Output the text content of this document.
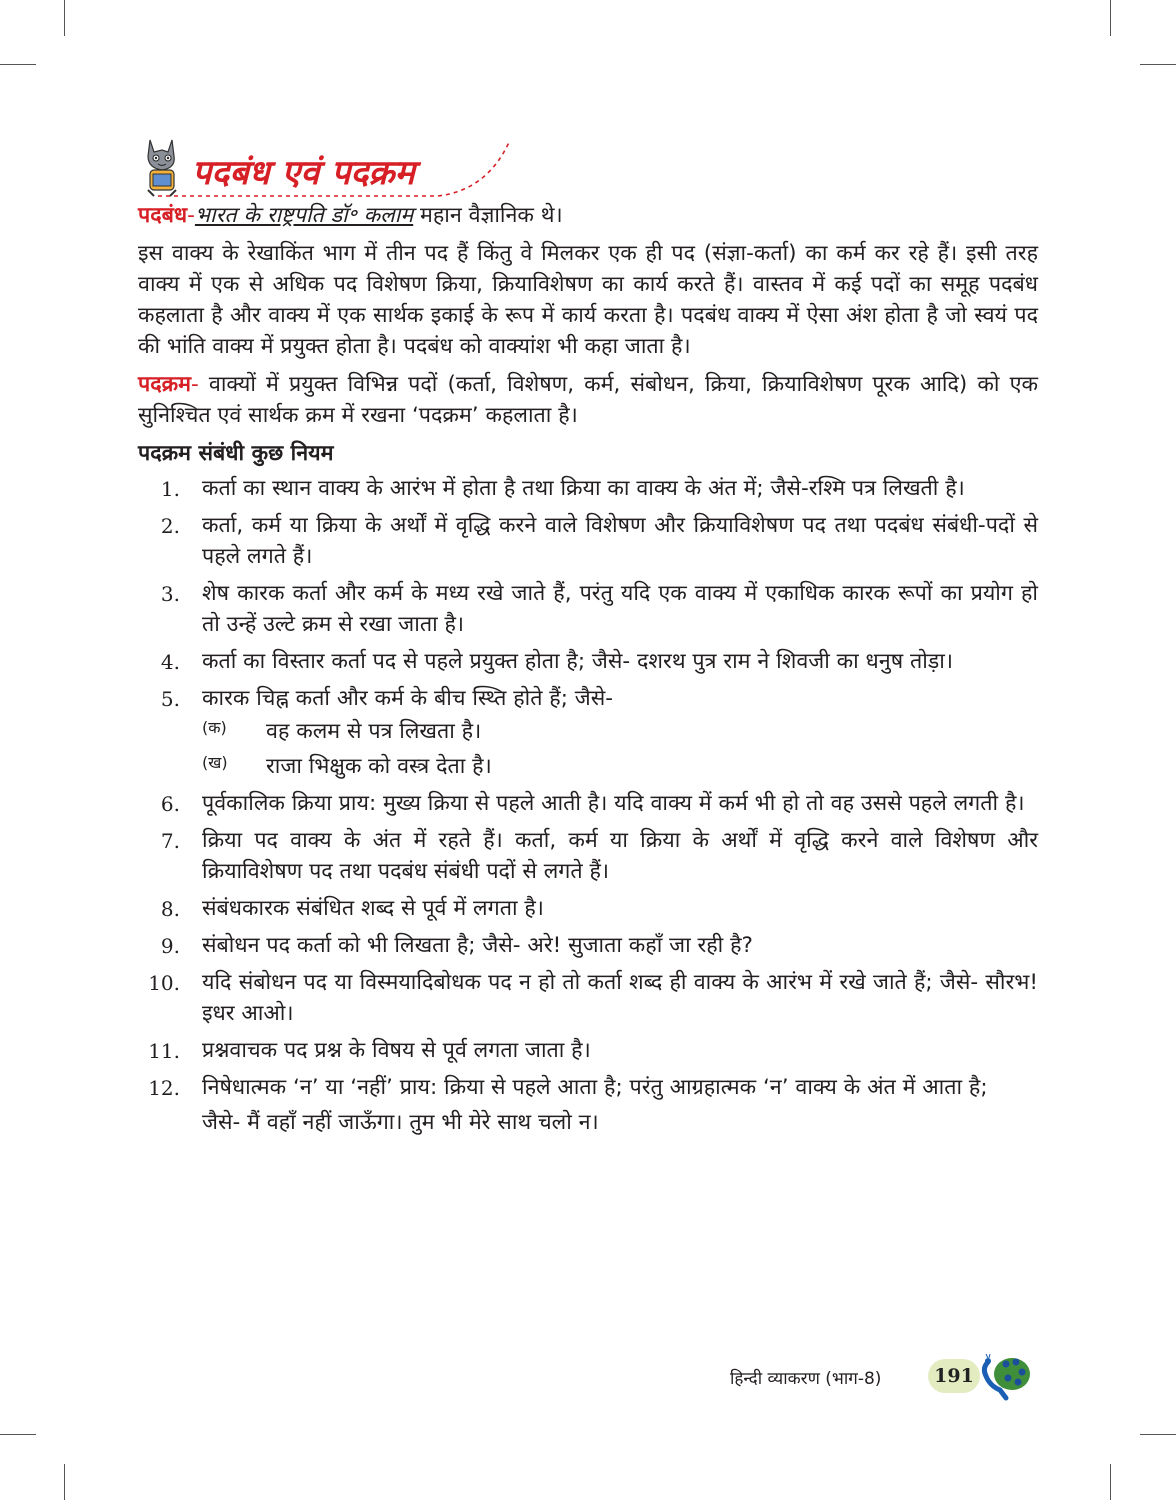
पदबंध एवं पदक्रम

पदबंध-भारत के राष्ट्रपति डॉ॰ कलाम महान वैज्ञानिक थे।

इस वाक्य के रेखाकिंत भाग में तीन पद हैं किंतु वे मिलकर एक ही पद (संज्ञा-कर्ता) का कर्म कर रहे हैं। इसी तरह वाक्य में एक से अधिक पद विशेषण क्रिया, क्रियाविशेषण का कार्य करते हैं। वास्तव में कई पदों का समूह पदबंध कहलाता है और वाक्य में एक सार्थक इकाई के रूप में कार्य करता है। पदबंध वाक्य में ऐसा अंश होता है जो स्वयं पद की भांति वाक्य में प्रयुक्त होता है। पदबंध को वाक्यांश भी कहा जाता है।

पदक्रम- वाक्यों में प्रयुक्त विभिन्न पदों (कर्ता, विशेषण, कर्म, संबोधन, क्रिया, क्रियाविशेषण पूरक आदि) को एक सुनिश्चित एवं सार्थक क्रम में रखना ‘पदक्रम’ कहलाता है।

पदक्रम संबंधी कुछ नियम
1. कर्ता का स्थान वाक्य के आरंभ में होता है तथा क्रिया का वाक्य के अंत में; जैसे-रश्मि पत्र लिखती है।

2. कर्ता, कर्म या क्रिया के अर्थों में वृद्धि करने वाले विशेषण और क्रियाविशेषण पद तथा पदबंध संबंधी-पदों से पहले लगते हैं।

3. शेष कारक कर्ता और कर्म के मध्य रखे जाते हैं, परंतु यदि एक वाक्य में एकाधिक कारक रूपों का प्रयोग हो तो उन्हें उल्टे क्रम से रखा जाता है।

4. कर्ता का विस्तार कर्ता पद से पहले प्रयुक्त होता है; जैसे- दशरथ पुत्र राम ने शिवजी का धनुष तोड़ा।

5. कारक चिह्न कर्ता और कर्म के बीच स्थ्ति होते हैं; जैसे-

(क)	वह कलम से पत्र लिखता है।

(ख)	राजा भिक्षुक को वस्त्र देता है।

6. पूर्वकालिक क्रिया प्राय: मुख्य क्रिया से पहले आती है। यदि वाक्य में कर्म भी हो तो वह उससे पहले लगती है।

7. क्रिया पद वाक्य के अंत में रहते हैं। कर्ता, कर्म या क्रिया के अर्थों में वृद्धि करने वाले विशेषण और क्रियाविशेषण पद तथा पदबंध संबंधी पदों से लगते हैं।

8. संबंधकारक संबंधित शब्द से पूर्व में लगता है।

9. संबोधन पद कर्ता को भी लिखता है; जैसे- अरे! सुजाता कहाँ जा रही है?

10. यदि संबोधन पद या विस्मयादिबोधक पद न हो तो कर्ता शब्द ही वाक्य के आरंभ में रखे जाते हैं; जैसे- सौरभ! इधर आओ।

11. प्रश्नवाचक पद प्रश्न के विषय से पूर्व लगता जाता है।

12. निषेधात्मक ‘न’ या ‘नहीं’ प्राय: क्रिया से पहले आता है; परंतु आग्रहात्मक ‘न’ वाक्य के अंत में आता है;

जैसे- मैं वहाँ नहीं जाऊँगा। तुम भी मेरे साथ चलो न।

हिन्दी व्याकरण (भाग-8)	191
